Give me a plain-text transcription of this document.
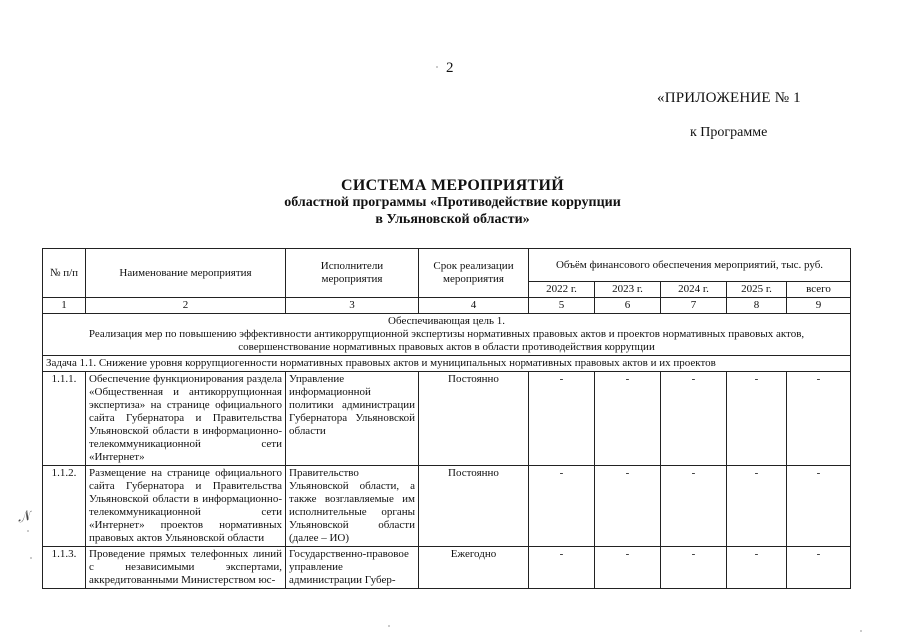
2
«ПРИЛОЖЕНИЕ № 1
к Программе
СИСТЕМА МЕРОПРИЯТИЙ
областной программы «Противодействие коррупции
в Ульяновской области»
№ п/п	Наименование мероприятия	Исполнители мероприятия	Срок реализации мероприятия	Объём финансового обеспечения мероприятий, тыс. руб.				
				2022 г.	2023 г.	2024 г.	2025 г.	всего
1	2	3	4	5	6	7	8	9

Обеспечивающая цель 1.
Реализация мер по повышению эффективности антикоррупционной экспертизы нормативных правовых актов и проектов нормативных правовых актов, совершенствование нормативных правовых актов в области противодействия коррупции								

Задача 1.1. Снижение уровня коррупциогенности нормативных правовых актов и муниципальных нормативных правовых актов и их проектов								
1.1.1.	Обеспечение функционирования раздела «Общественная и антикоррупционная экспертиза» на странице официального сайта Губернатора и Правительства Ульяновской области в информационно-телекоммуникационной сети «Интернет»	Управление информационной политики администрации Губернатора Ульяновской области	Постоянно	-	-	-	-	-
1.1.2.	Размещение на странице официального сайта Губернатора и Правительства Ульяновской области в информационно-телекоммуникационной сети «Интернет» проектов нормативных правовых актов Ульяновской области	Правительство Ульяновской области, а также возглавляемые им исполнительные органы Ульяновской области (далее – ИО)	Постоянно	-	-	-	-	-
1.1.3.	Проведение прямых телефонных линий с независимыми экспертами, аккредитованными Министерством юс-	Государственно-правовое управление администрации Губер-	Ежегодно	-	-	-	-	-
𝒩
